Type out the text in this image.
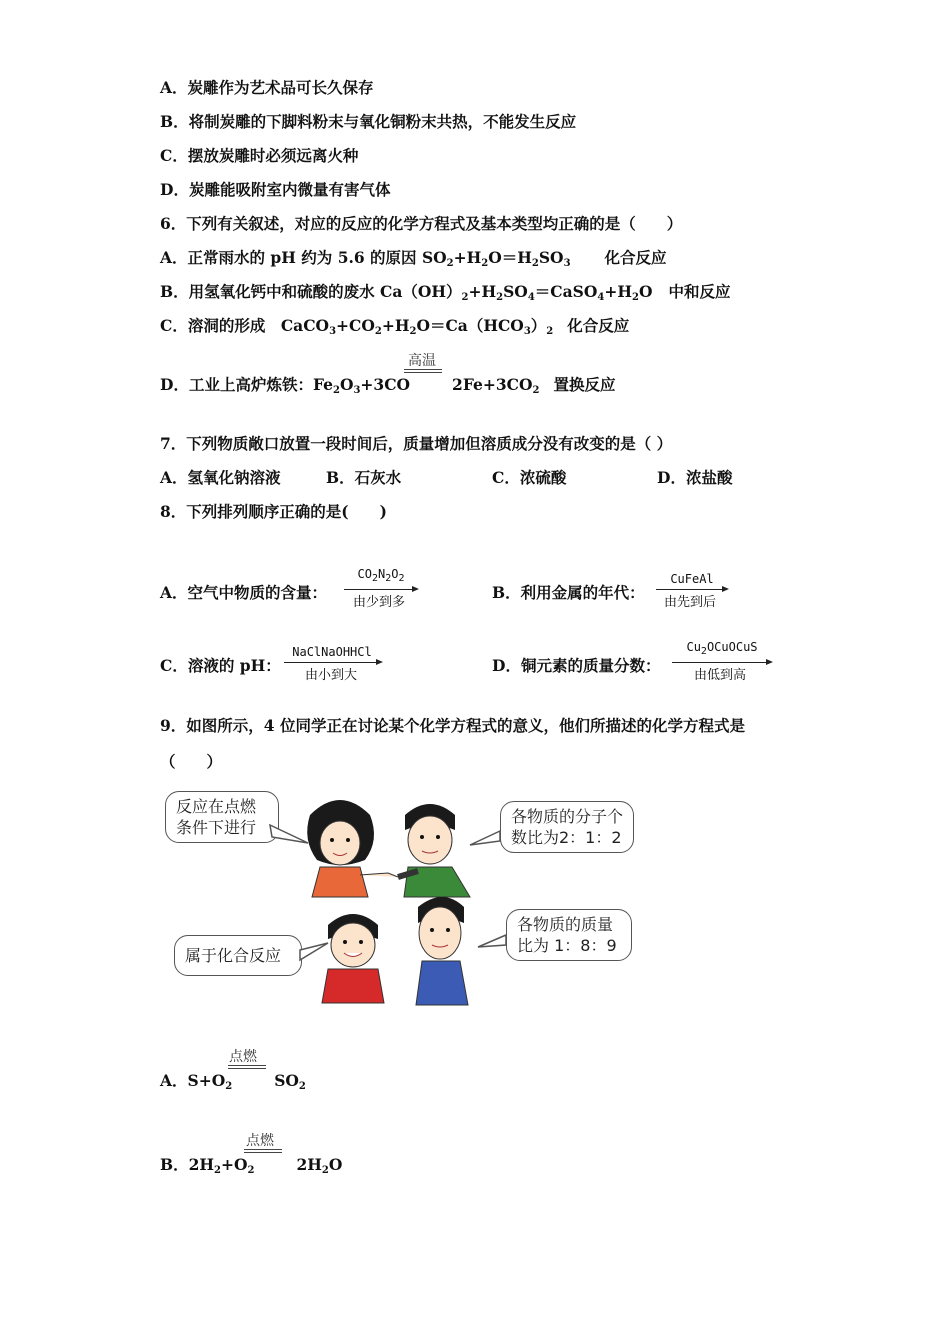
A．炭雕作为艺术品可长久保存
B．将制炭雕的下脚料粉末与氧化铜粉末共热，不能发生反应
C．摆放炭雕时必须远离火种
D．炭雕能吸附室内微量有害气体
6．下列有关叙述，对应的反应的化学方程式及基本类型均正确的是（　　）
A．正常雨水的 pH 约为 5.6 的原因 $SO_2+H_2O=H_2SO_3$ 化合反应
B．用氢氧化钙中和硫酸的废水 $Ca(OH)_2+H_2SO_4=CaSO_4+H_2O$ 中和反应
C．溶洞的形成　$CaCO_3+CO_2+H_2O=Ca(HCO_3)_2$ 化合反应
高温
D．工业上高炉炼铁：$Fe_2O_3+3CO$	$2Fe+3CO_2$ 置换反应
7．下列物质敞口放置一段时间后，质量增加但溶质成分没有改变的是（ ）
A．氢氧化钠溶液	B．石灰水	C．浓硫酸	D．浓盐酸
8．下列排列顺序正确的是(　　)
A．空气中物质的含量：
$CO_2N_2O_2$
由少到多
B．利用金属的年代：
CuFeAl
由先到后
C．溶液的 pH：
NaClNaOHHCl
由小到大
D．铜元素的质量分数：
$Cu_2OCuOCuS$
由低到高
9．如图所示，4 位同学正在讨论某个化学方程式的意义，他们所描述的化学方程式是
（　　）
反应在点燃
条件下进行
各物质的分子个
数比为2：1：2
属于化合反应
各物质的质量
比为 1：8：9
点燃
A．$S+O_2$	$SO_2$
点燃
B．$2H_2+O_2$	$2H_2O$
